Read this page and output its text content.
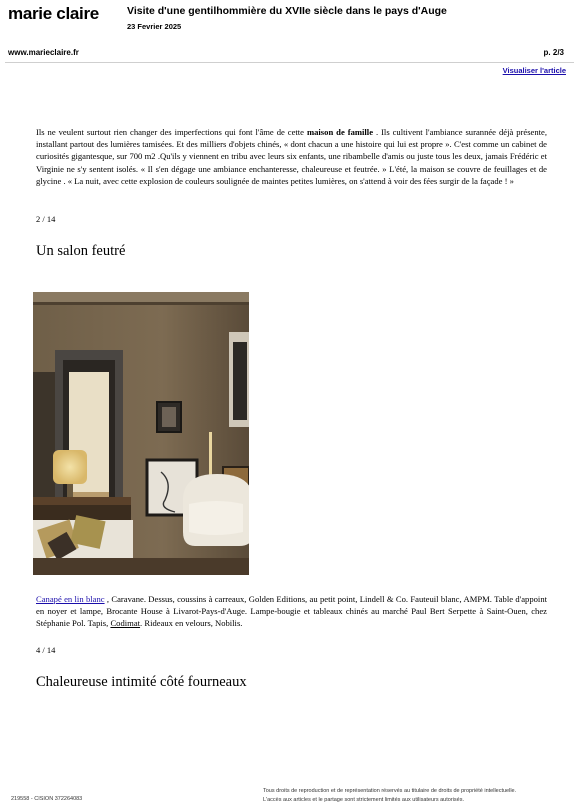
marie claire	Visite d'une gentilhommière du XVIIe siècle dans le pays d'Auge
23 Fevrier 2025
www.marieclaire.fr	p. 2/3
Visualiser l'article
Ils ne veulent surtout rien changer des imperfections qui font l'âme de cette maison de famille . Ils cultivent l'ambiance surannée déjà présente, installant partout des lumières tamisées. Et des milliers d'objets chinés, « dont chacun a une histoire qui lui est propre ». C'est comme un cabinet de curiosités gigantesque, sur 700 m2 .Qu'ils y viennent en tribu avec leurs six enfants, une ribambelle d'amis ou juste tous les deux, jamais Frédéric et Virginie ne s'y sentent isolés. « Il s'en dégage une ambiance enchanteresse, chaleureuse et feutrée. » L'été, la maison se couvre de feuillages et de glycine . « La nuit, avec cette explosion de couleurs soulignée de maintes petites lumières, on s'attend à voir des fées surgir de la façade ! »
2 / 14
Un salon feutré
Canapé en lin blanc , Caravane. Dessus, coussins à carreaux, Golden Editions, au petit point, Lindell & Co. Fauteuil blanc, AMPM. Table d'appoint en noyer et lampe, Brocante House à Livarot-Pays-d'Auge. Lampe-bougie et tableaux chinés au marché Paul Bert Serpette à Saint-Ouen, chez Stéphanie Pol. Tapis, Codimat. Rideaux en velours, Nobilis.
4 / 14
Chaleureuse intimité côté fourneaux
219558 - CISION 372264083
Tous droits de reproduction et de représentation réservés au titulaire de droits de propriété intellectuelle.
L'accès aux articles et le partage sont strictement limités aux utilisateurs autorisés.
